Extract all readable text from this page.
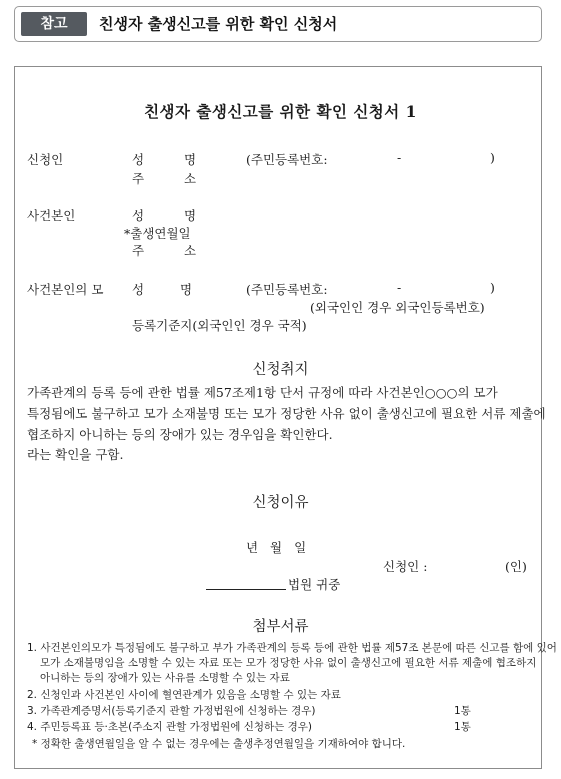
참고	친생자 출생신고를 위한 확인 신청서
친생자 출생신고를 위한 확인 신청서 1
신청인	성 명	(주민등록번호:	-	)
주 소
사건본인	성 명
*출생연월일
주 소
사건본인의 모 성	명	(주민등록번호:	-	)
(외국인인 경우 외국인등록번호)
등록기준지(외국인인 경우 국적)
신청취지
가족관계의 등록 등에 관한 법률 제57조제1항 단서 규정에 따라 사건본인○○○의 모가
특정됨에도 불구하고 모가 소재불명 또는 모가 정당한 사유 없이 출생신고에 필요한 서류 제출에
협조하지 아니하는 등의 장애가 있는 경우임을 확인한다.
라는 확인을 구함.
신청이유
년 월 일
신청인 :	(인)
법원 귀중
첨부서류
1. 사건본인의모가 특정됨에도 불구하고 부가 가족관계의 등록 등에 관한 법률 제57조 본문에 따른 신고를 함에 있어
모가 소재불명임을 소명할 수 있는 자료 또는 모가 정당한 사유 없이 출생신고에 필요한 서류 제출에 협조하지
아니하는 등의 장애가 있는 사유를 소명할 수 있는 자료
2. 신청인과 사건본인 사이에 혈연관계가 있음을 소명할 수 있는 자료
3. 가족관계증명서(등록기준지 관할 가정법원에 신청하는 경우)	1통
4. 주민등록표 등·초본(주소지 관할 가정법원에 신청하는 경우)	1통
* 정확한 출생연월일을 알 수 없는 경우에는 출생추정연월일을 기재하여야 합니다.
